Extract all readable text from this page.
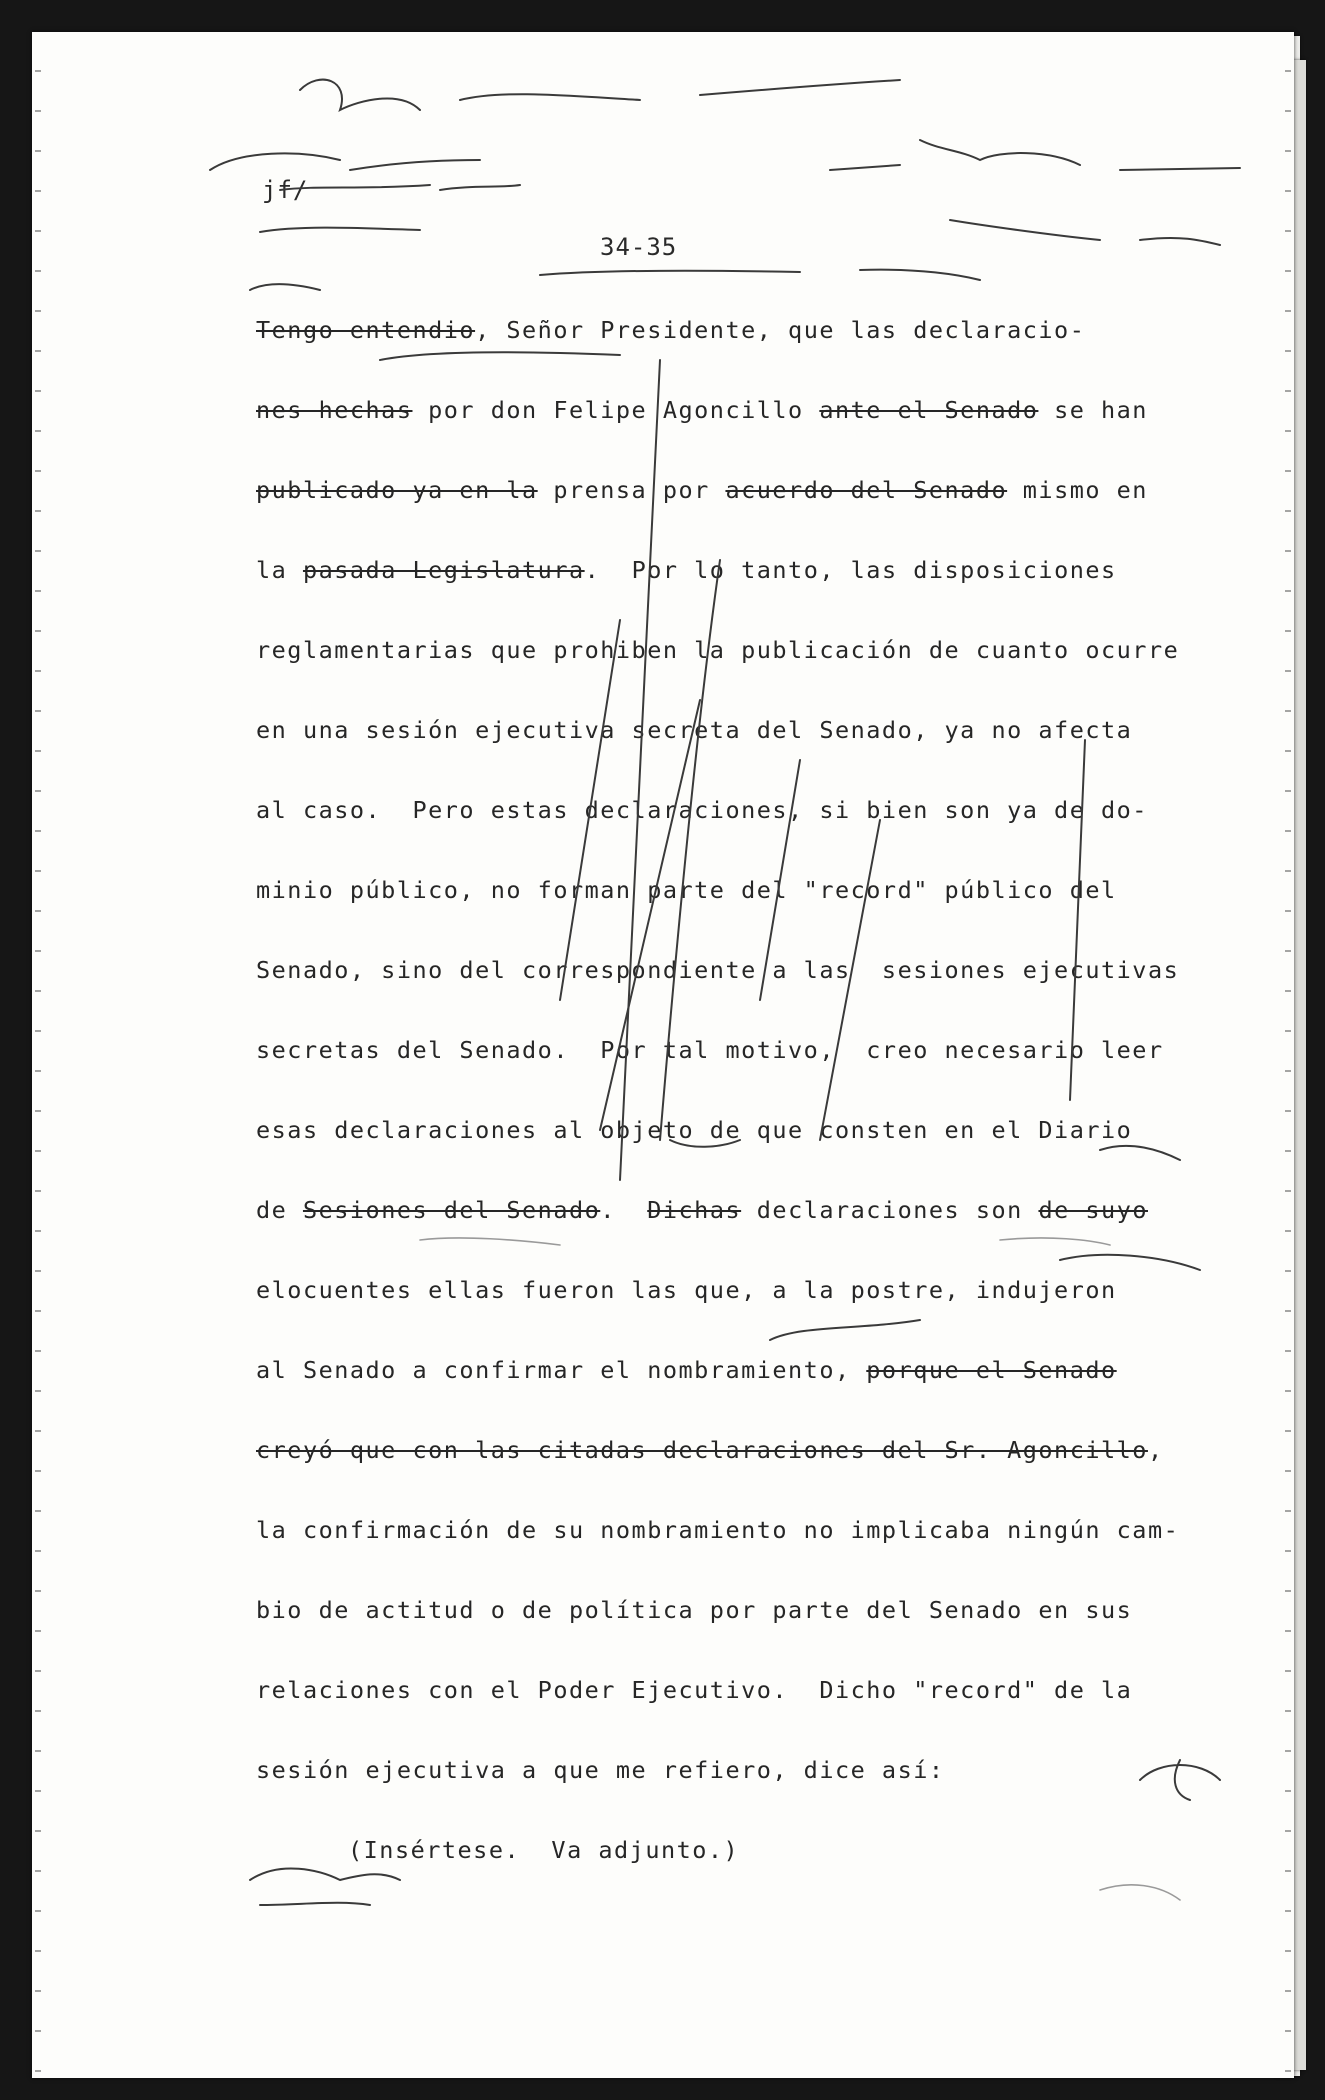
jf/
34-35
Tengo entendio, Señor Presidente, que las declaracio-
nes hechas por don Felipe Agoncillo ante el Senado se han
publicado ya en la prensa por acuerdo del Senado mismo en
la pasada Legislatura.  Por lo tanto, las disposiciones
reglamentarias que prohiben la publicación de cuanto ocurre
en una sesión ejecutiva secreta del Senado, ya no afecta
al caso.  Pero estas declaraciones, si bien son ya de do-
minio público, no forman parte del "record" público del
Senado, sino del correspondiente a las  sesiones ejecutivas
secretas del Senado.  Por tal motivo,  creo necesario leer
esas declaraciones al objeto de que consten en el Diario
de Sesiones del Senado.  Dichas declaraciones son de suyo
elocuentes ellas fueron las que, a la postre, indujeron
al Senado a confirmar el nombramiento, porque el Senado
creyó que con las citadas declaraciones del Sr. Agoncillo,
la confirmación de su nombramiento no implicaba ningún cam-
bio de actitud o de política por parte del Senado en sus
relaciones con el Poder Ejecutivo.  Dicho "record" de la
sesión ejecutiva a que me refiero, dice así:
(Insértese.  Va adjunto.)
